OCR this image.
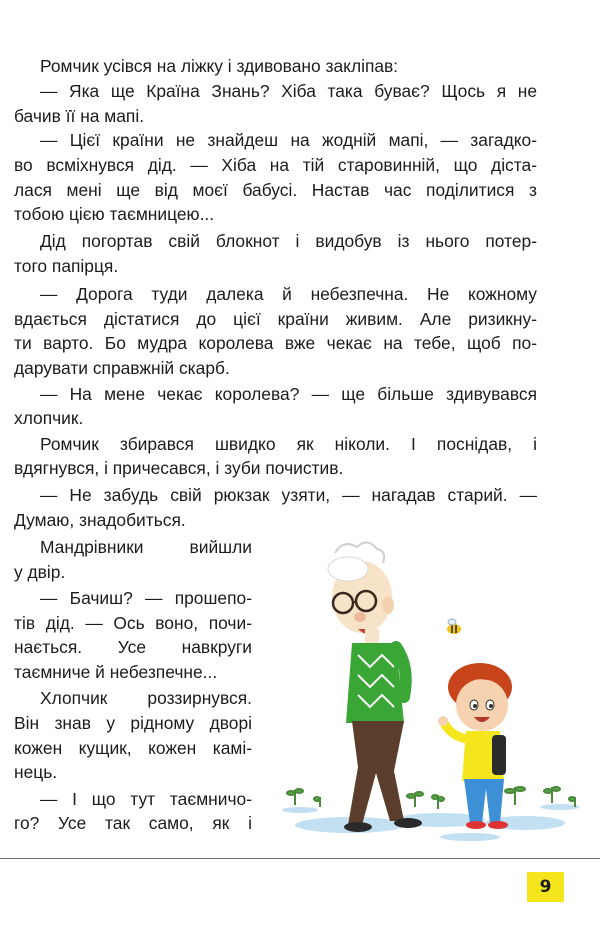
Ромчик усівся на ліжку і здивовано закліпав:
— Яка ще Країна Знань? Хіба така буває? Щось я не
бачив її на мапі.
— Цієї країни не знайдеш на жодній мапі, — загадко-
во всміхнувся дід. — Хіба на тій старовинній, що діста-
лася мені ще від моєї бабусі. Настав час поділитися з
тобою цією таємницею...
Дід погортав свій блокнот і видобув із нього потер-
того папірця.
— Дорога туди далека й небезпечна. Не кожному
вдається дістатися до цієї країни живим. Але ризикну-
ти варто. Бо мудра королева вже чекає на тебе, щоб по-
дарувати справжній скарб.
— На мене чекає королева? — ще більше здивувався
хлопчик.
Ромчик збирався швидко як ніколи. І поснідав, і
вдягнувся, і причесався, і зуби почистив.
— Не забудь свій рюкзак узяти, — нагадав старий. —
Думаю, знадобиться.
Мандрівники вийшли
у двір.
— Бачиш? — прошепо-
тів дід. — Ось воно, почи-
нається. Усе навкруги
таємниче й небезпечне...
Хлопчик роззирнувся.
Він знав у рідному дворі
кожен кущик, кожен камі-
нець.
— І що тут таємничо-
го? Усе так само, як і
9
